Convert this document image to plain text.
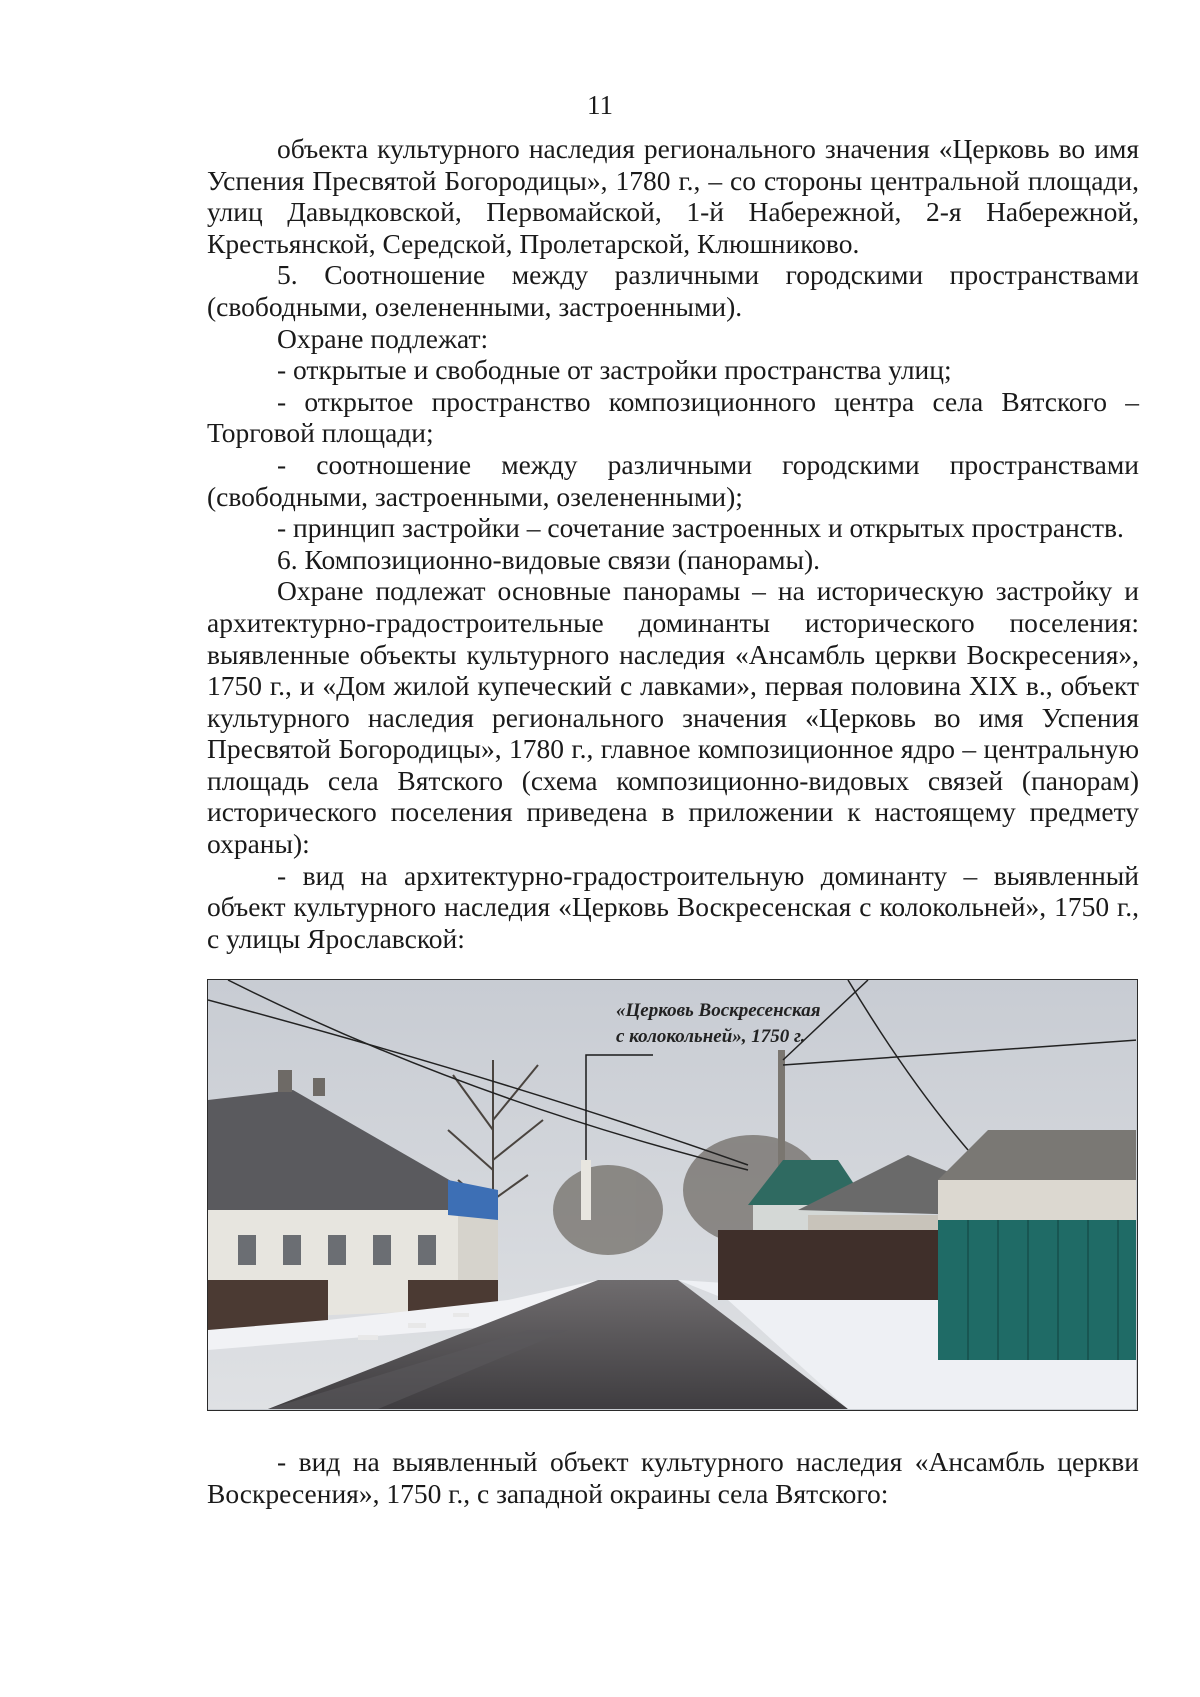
11

объекта культурного наследия регионального значения «Церковь во имя Успения Пресвятой Богородицы», 1780 г., – со стороны центральной площади, улиц Давыдковской, Первомайской, 1-й Набережной, 2-я Набережной, Крестьянской, Середской, Пролетарской, Клюшниково.

5. Соотношение между различными городскими пространствами (свободными, озелененными, застроенными).

Охране подлежат:

- открытые и свободные от застройки пространства улиц;

- открытое пространство композиционного центра села Вятского – Торговой площади;

- соотношение между различными городскими пространствами (свободными, застроенными, озелененными);

- принцип застройки – сочетание застроенных и открытых пространств.

6. Композиционно-видовые связи (панорамы).

Охране подлежат основные панорамы – на историческую застройку и архитектурно-градостроительные доминанты исторического поселения: выявленные объекты культурного наследия «Ансамбль церкви Воскресения», 1750 г., и «Дом жилой купеческий с лавками», первая половина XIX в., объект культурного наследия регионального значения «Церковь во имя Успения Пресвятой Богородицы», 1780 г., главное композиционное ядро – центральную площадь села Вятского (схема композиционно-видовых связей (панорам) исторического поселения приведена в приложении к настоящему предмету охраны):

- вид на архитектурно-градостроительную доминанту – выявленный объект культурного наследия «Церковь Воскресенская с колокольней», 1750 г., с улицы Ярославской:

«Церковь Воскресенская
с колокольней», 1750 г.

- вид на выявленный объект культурного наследия «Ансамбль церкви Воскресения», 1750 г., с западной окраины села Вятского:
